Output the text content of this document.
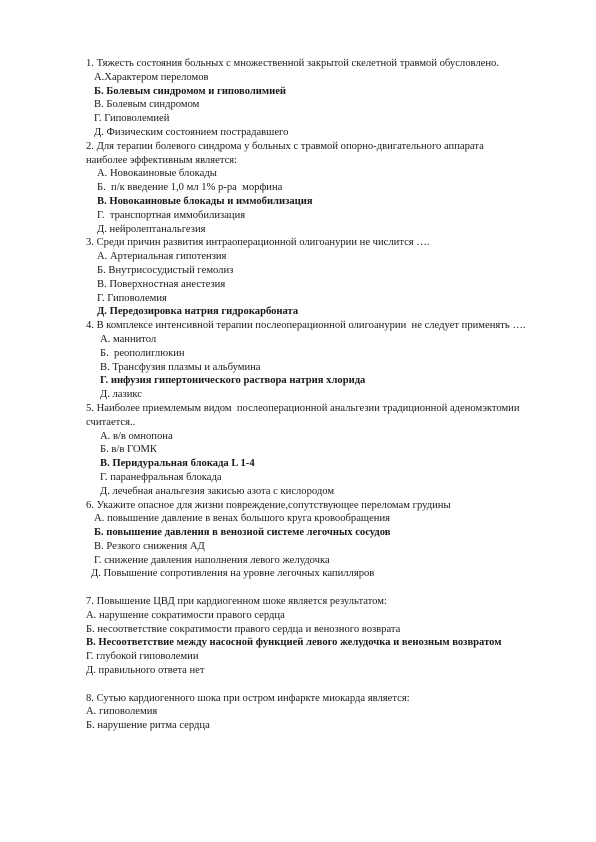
1. Тяжесть состояния больных с множественной закрытой скелетной травмой обусловлено.
А.Характером переломов
Б. Болевым синдромом и гиповолимией
В. Болевым синдромом
Г. Гиповолемией
Д. Физическим состоянием пострадавшего
2. Для терапии болевого синдрома у больных с травмой опорно-двигательного аппарата наиболее эффективным является:
А. Новокаиновые блокады
Б.  п/к введение 1,0 мл 1% р-ра  морфина
В. Новокаиновые блокады и иммобилизация
Г.  транспортная иммобилизация
Д. нейролептанальгезия
3. Среди причин развития интраоперационной олигоанурии не числится ….
А. Артериальная гипотензия
Б. Внутрисосудистый гемолиз
В. Поверхностная анестезия
Г. Гиповолемия
Д. Передозировка натрия гидрокарбоната
4. В комплексе интенсивной терапии послеоперационной олигоанурии  не следует применять ….
А. маннитол
Б.  реополиглюкин
В. Трансфузия плазмы и альбумина
Г. инфузия гипертонического раствора натрия хлорида
Д. лазикс
5. Наиболее приемлемым видом  послеоперационной анальгезии традиционной аденомэктомии считается..
А. в/в омнопона
Б. в/в ГОМК
В. Перидуральная блокада L 1-4
Г. паранефральная блокада
Д. лечебная анальгезия закисью азота с кислородом
6. Укажите опасное для жизни повреждение,сопутствующее переломам грудины
А. повышение давление в венах большого круга кровообращения
Б. повышение давления в венозной системе легочных сосудов
В. Резкого снижения АД
Г. снижение давления наполнения левого желудочка
Д. Повышение сопротивления на уровне легочных капилляров
7. Повышение ЦВД при кардиогенном шоке является результатом:
А. нарушение сократимости правого сердца
Б. несоответствие сократимости правого сердца и венозного возврата
В. Несоответствие между насосной функцией левого желудочка и венозным возвратом
Г. глубокой гиповолемии
Д. правильного ответа нет
8. Сутью кардиогенного шока при остром инфаркте миокарда является:
А. гиповолемия
Б. нарушение ритма сердца
